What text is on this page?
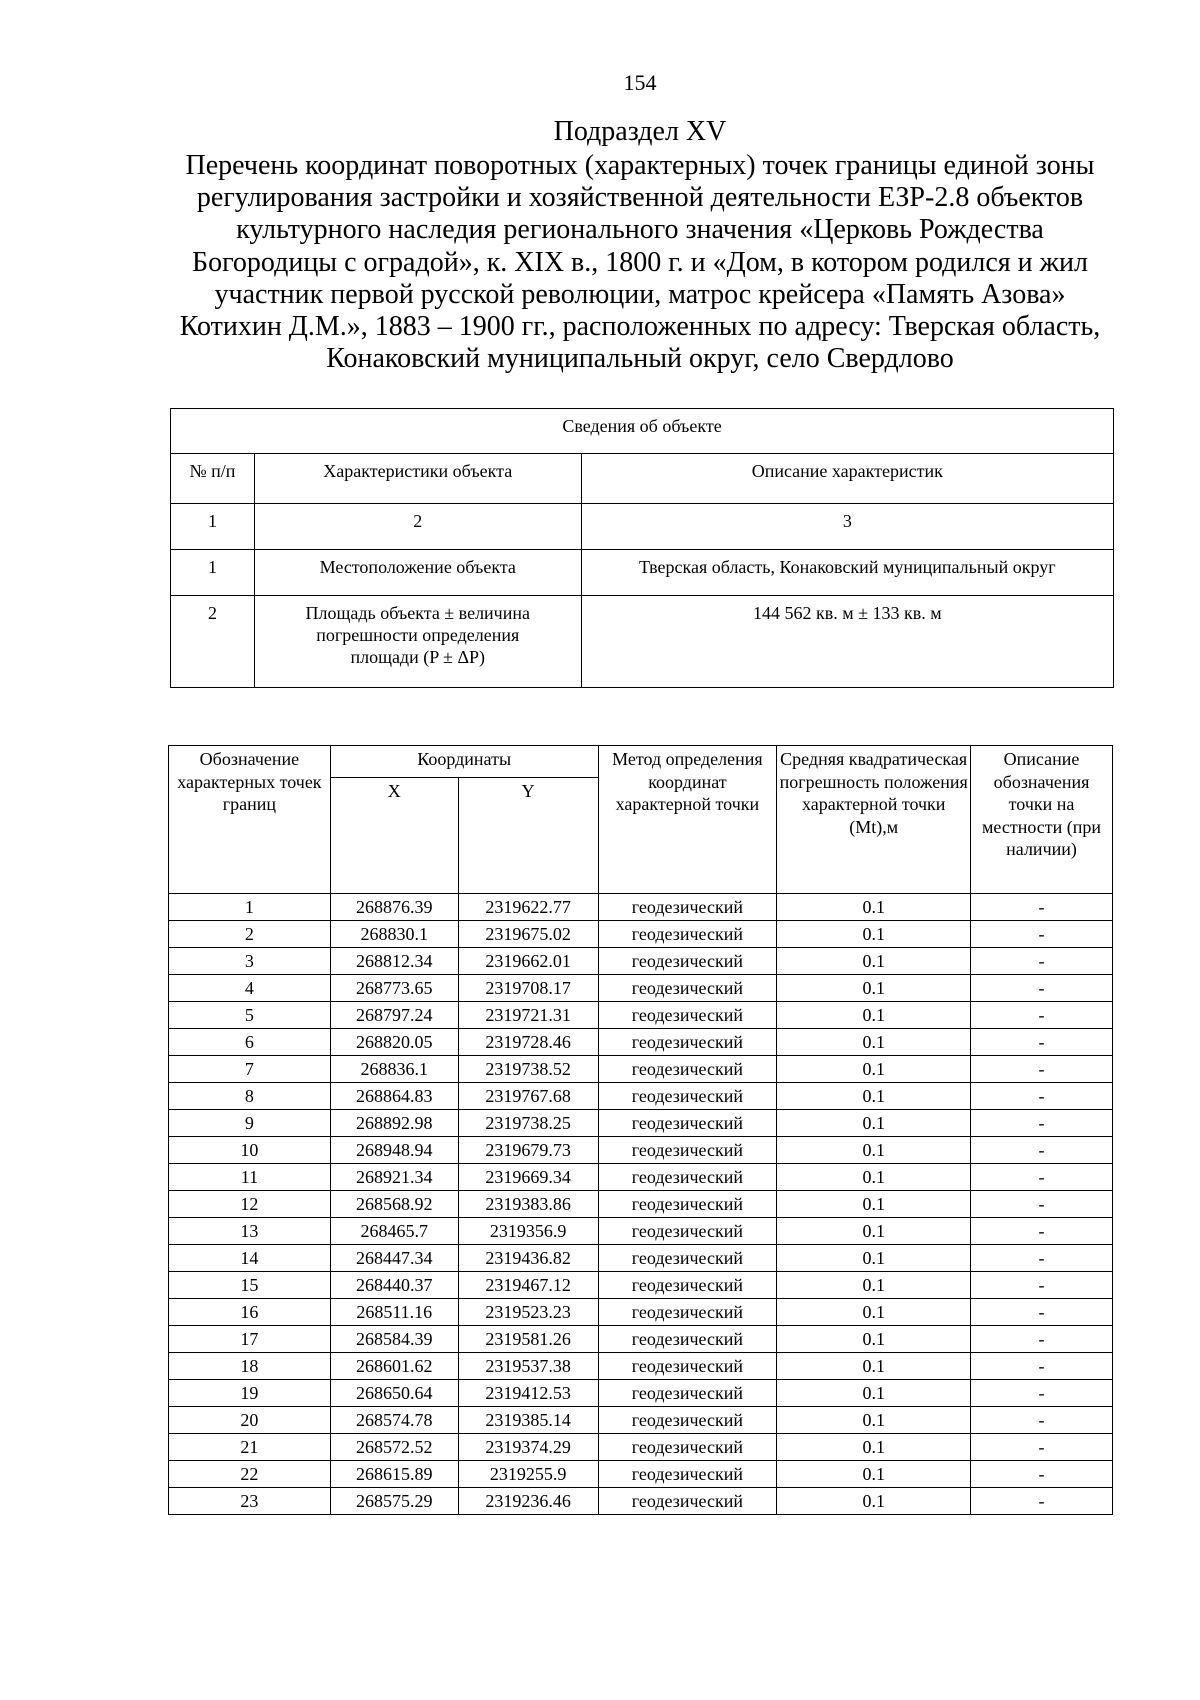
154
Подраздел XV
Перечень координат поворотных (характерных) точек границы единой зоны
регулирования застройки и хозяйственной деятельности ЕЗР-2.8 объектов
культурного наследия регионального значения «Церковь Рождества
Богородицы с оградой», к. XIX в., 1800 г. и «Дом, в котором родился и жил
участник первой русской революции, матрос крейсера «Память Азова»
Котихин Д.М.», 1883 – 1900 гг., расположенных по адресу: Тверская область,
Конаковский муниципальный округ, село Свердлово
Сведения об объекте		
№ п/п	Характеристики объекта	Описание характеристик
1	2	3
1	Местоположение объекта	Тверская область, Конаковский муниципальный округ
2	Площадь объекта ± величина погрешности определения площади (P ± ΔP)	144 562 кв. м ± 133 кв. м
Обозначение характерных точек границ	Координаты		Метод определения координат характерной точки	Средняя квадратическая погрешность положения характерной точки (Mt),м	Описание обозначения точки на местности (при наличии)
	X	Y			
1	268876.39	2319622.77	геодезический	0.1	-
2	268830.1	2319675.02	геодезический	0.1	-
3	268812.34	2319662.01	геодезический	0.1	-
4	268773.65	2319708.17	геодезический	0.1	-
5	268797.24	2319721.31	геодезический	0.1	-
6	268820.05	2319728.46	геодезический	0.1	-
7	268836.1	2319738.52	геодезический	0.1	-
8	268864.83	2319767.68	геодезический	0.1	-
9	268892.98	2319738.25	геодезический	0.1	-
10	268948.94	2319679.73	геодезический	0.1	-
11	268921.34	2319669.34	геодезический	0.1	-
12	268568.92	2319383.86	геодезический	0.1	-
13	268465.7	2319356.9	геодезический	0.1	-
14	268447.34	2319436.82	геодезический	0.1	-
15	268440.37	2319467.12	геодезический	0.1	-
16	268511.16	2319523.23	геодезический	0.1	-
17	268584.39	2319581.26	геодезический	0.1	-
18	268601.62	2319537.38	геодезический	0.1	-
19	268650.64	2319412.53	геодезический	0.1	-
20	268574.78	2319385.14	геодезический	0.1	-
21	268572.52	2319374.29	геодезический	0.1	-
22	268615.89	2319255.9	геодезический	0.1	-
23	268575.29	2319236.46	геодезический	0.1	-
